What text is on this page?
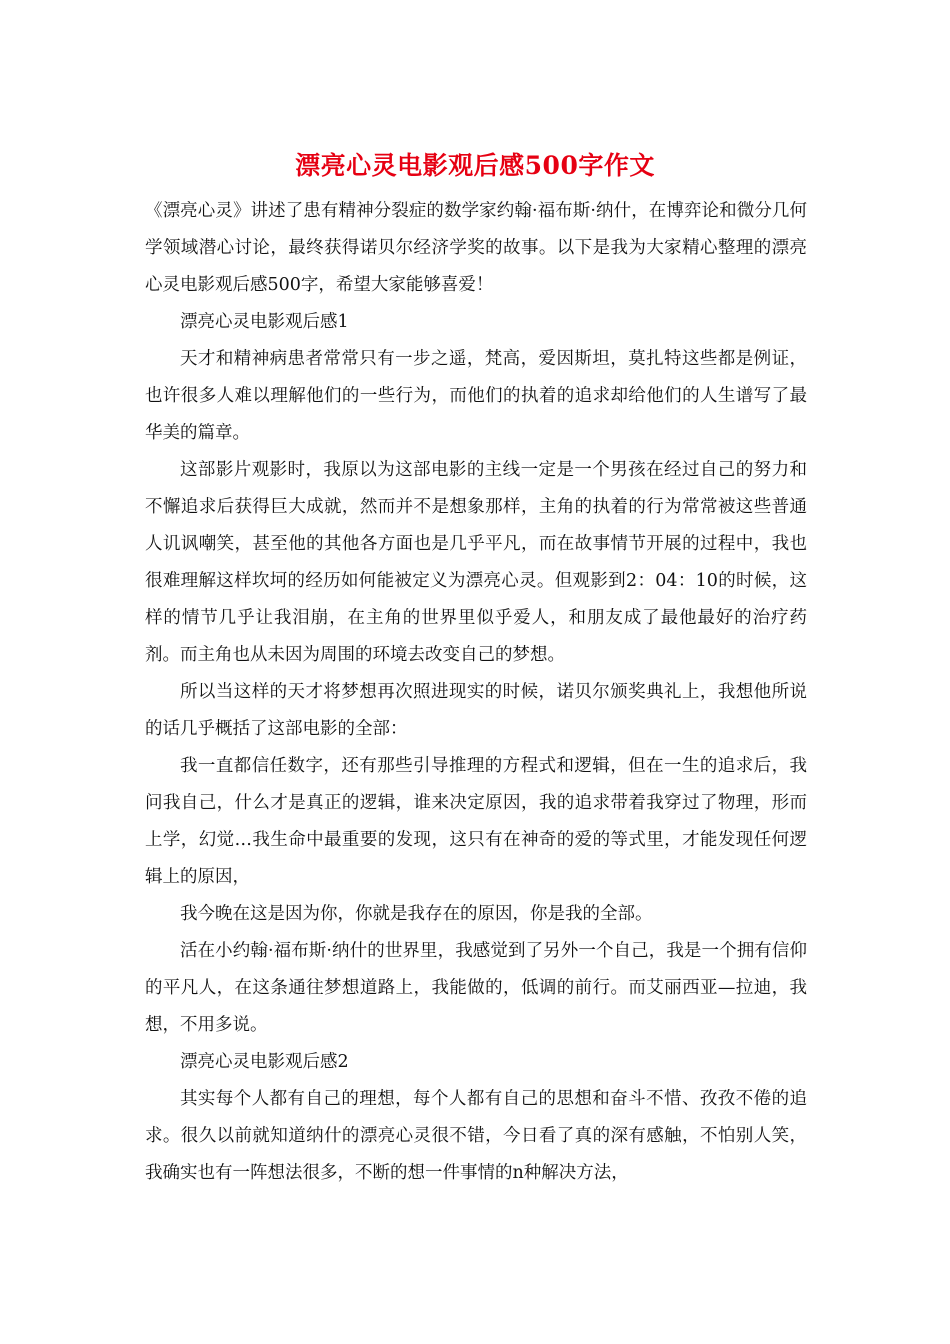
漂亮心灵电影观后感500字作文

《漂亮心灵》讲述了患有精神分裂症的数学家约翰·福布斯·纳什，在博弈论和微分几何学领域潜心讨论，最终获得诺贝尔经济学奖的故事。以下是我为大家精心整理的漂亮心灵电影观后感500字，希望大家能够喜爱！

漂亮心灵电影观后感1

天才和精神病患者常常只有一步之遥，梵高，爱因斯坦，莫扎特这些都是例证，也许很多人难以理解他们的一些行为，而他们的执着的追求却给他们的人生谱写了最华美的篇章。

这部影片观影时，我原以为这部电影的主线一定是一个男孩在经过自己的努力和不懈追求后获得巨大成就，然而并不是想象那样，主角的执着的行为常常被这些普通人讥讽嘲笑，甚至他的其他各方面也是几乎平凡，而在故事情节开展的过程中，我也很难理解这样坎坷的经历如何能被定义为漂亮心灵。但观影到2：04：10的时候，这样的情节几乎让我泪崩，在主角的世界里似乎爱人，和朋友成了最他最好的治疗药剂。而主角也从未因为周围的环境去改变自己的梦想。

所以当这样的天才将梦想再次照进现实的时候，诺贝尔颁奖典礼上，我想他所说的话几乎概括了这部电影的全部：

我一直都信任数字，还有那些引导推理的方程式和逻辑，但在一生的追求后，我问我自己，什么才是真正的逻辑，谁来决定原因，我的追求带着我穿过了物理，形而上学，幻觉…我生命中最重要的发现，这只有在神奇的爱的等式里，才能发现任何逻辑上的原因，

我今晚在这是因为你，你就是我存在的原因，你是我的全部。

活在小约翰·福布斯·纳什的世界里，我感觉到了另外一个自己，我是一个拥有信仰的平凡人，在这条通往梦想道路上，我能做的，低调的前行。而艾丽西亚—拉迪，我想，不用多说。

漂亮心灵电影观后感2

其实每个人都有自己的理想，每个人都有自己的思想和奋斗不惜、孜孜不倦的追求。很久以前就知道纳什的漂亮心灵很不错，今日看了真的深有感触，不怕别人笑，我确实也有一阵想法很多，不断的想一件事情的n种解决方法，
